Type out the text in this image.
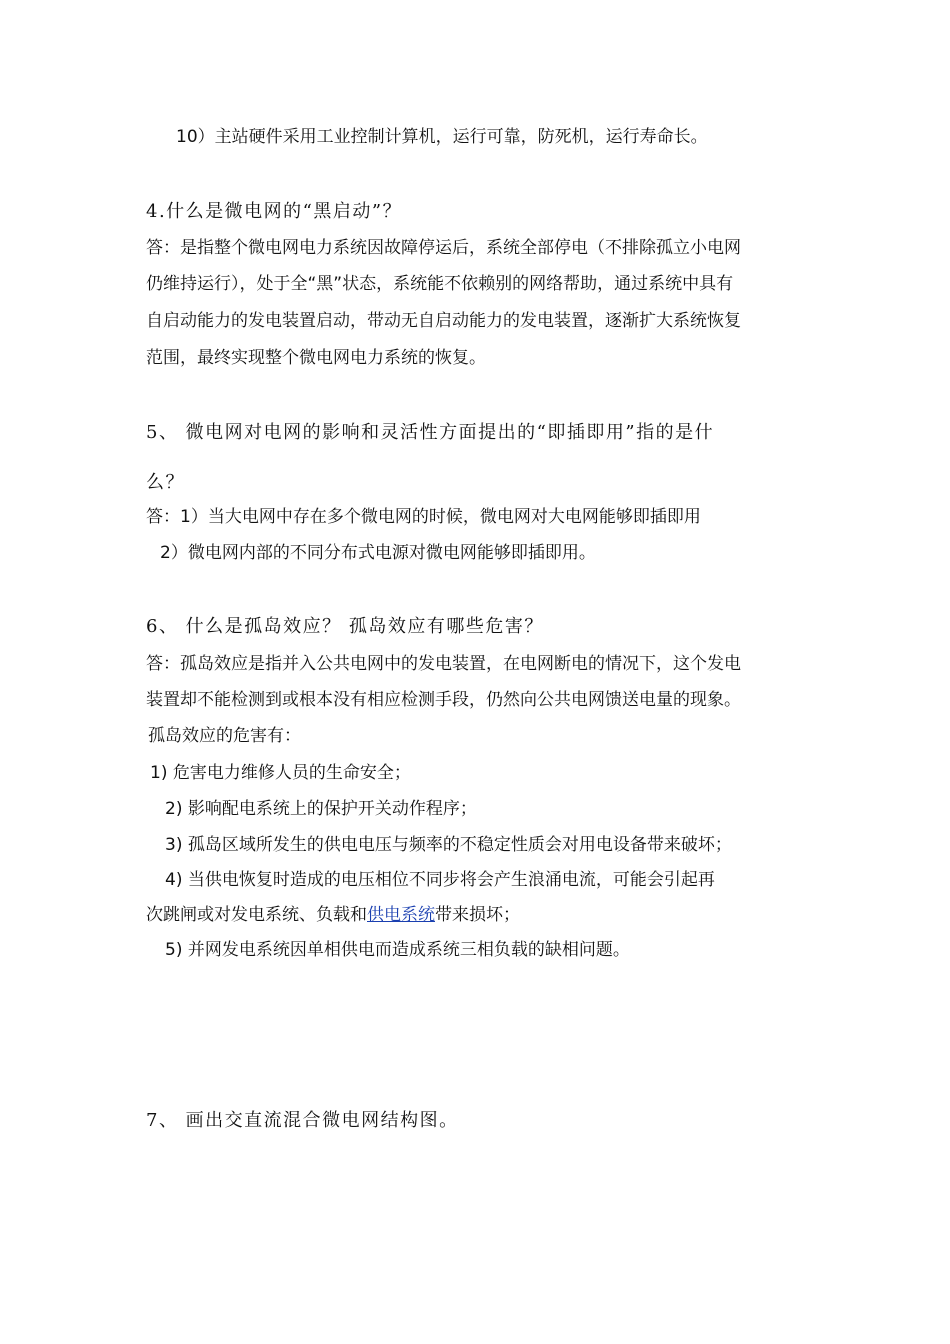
10）主站硬件采用工业控制计算机，运行可靠，防死机，运行寿命长。
4.什么是微电网的“黑启动”？
答：是指整个微电网电力系统因故障停运后，系统全部停电（不排除孤立小电网
仍维持运行），处于全“黑”状态，系统能不依赖别的网络帮助，通过系统中具有
自启动能力的发电装置启动，带动无自启动能力的发电装置，逐渐扩大系统恢复
范围，最终实现整个微电网电力系统的恢复。
5、 微电网对电网的影响和灵活性方面提出的“即插即用”指的是什
么？
答：1）当大电网中存在多个微电网的时候，微电网对大电网能够即插即用
2）微电网内部的不同分布式电源对微电网能够即插即用。
6、 什么是孤岛效应？ 孤岛效应有哪些危害？
答：孤岛效应是指并入公共电网中的发电装置，在电网断电的情况下，这个发电
装置却不能检测到或根本没有相应检测手段，仍然向公共电网馈送电量的现象。
孤岛效应的危害有：
1) 危害电力维修人员的生命安全；
2) 影响配电系统上的保护开关动作程序；
3) 孤岛区域所发生的供电电压与频率的不稳定性质会对用电设备带来破坏；
4) 当供电恢复时造成的电压相位不同步将会产生浪涌电流，可能会引起再
次跳闸或对发电系统、负载和供电系统带来损坏；
5) 并网发电系统因单相供电而造成系统三相负载的缺相问题。
7、 画出交直流混合微电网结构图。
